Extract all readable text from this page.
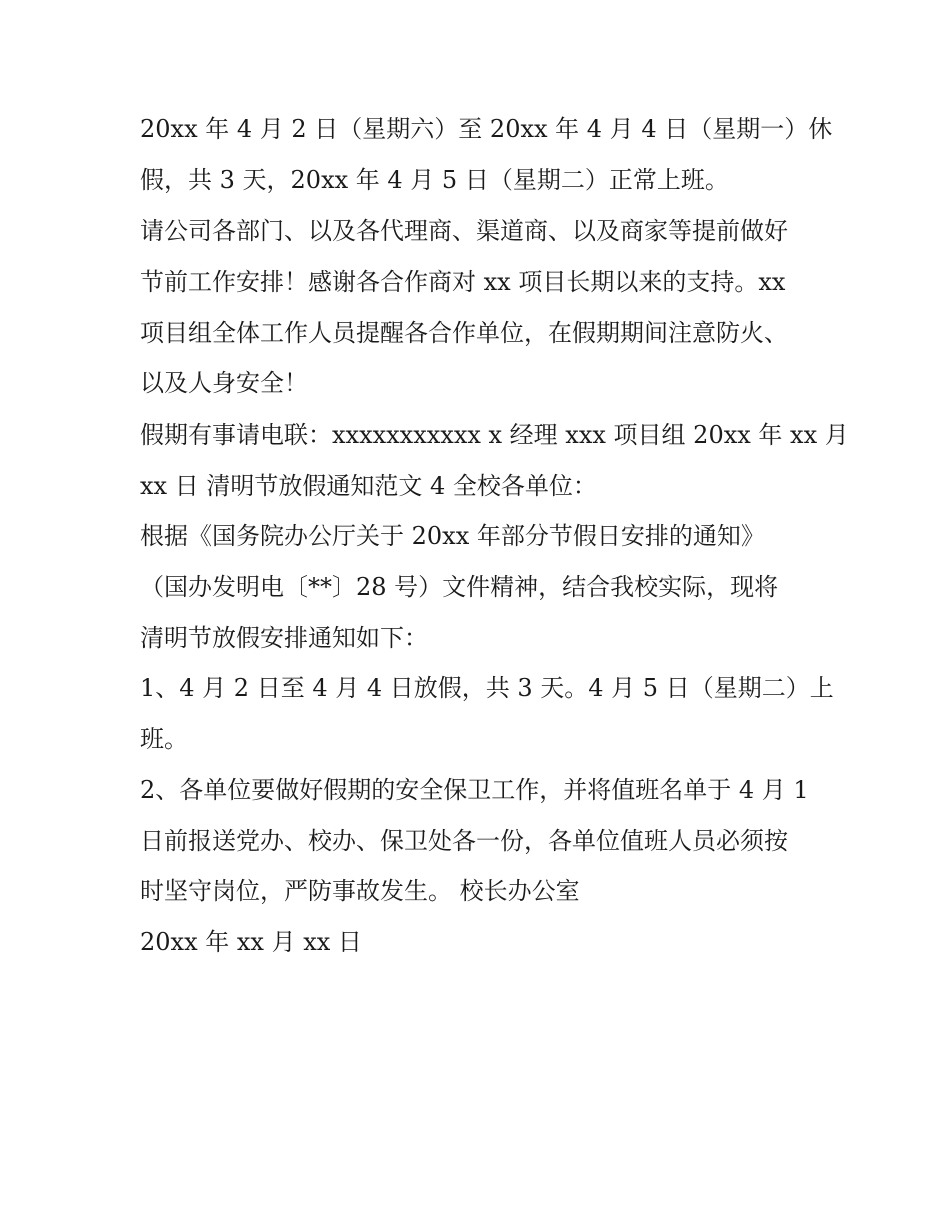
20xx 年 4 月 2 日（星期六）至 20xx 年 4 月 4 日（星期一）休
假，共 3 天，20xx 年 4 月 5 日（星期二）正常上班。
请公司各部门、以及各代理商、渠道商、以及商家等提前做好
节前工作安排！感谢各合作商对 xx 项目长期以来的支持。xx
项目组全体工作人员提醒各合作单位，在假期期间注意防火、
以及人身安全！
假期有事请电联：xxxxxxxxxxx x 经理 xxx 项目组 20xx 年 xx 月
xx 日 清明节放假通知范文 4 全校各单位：
根据《国务院办公厅关于 20xx 年部分节假日安排的通知》
（国办发明电〔**〕28 号）文件精神，结合我校实际，现将
清明节放假安排通知如下：
1、4 月 2 日至 4 月 4 日放假，共 3 天。4 月 5 日（星期二）上
班。
2、各单位要做好假期的安全保卫工作，并将值班名单于 4 月 1
日前报送党办、校办、保卫处各一份，各单位值班人员必须按
时坚守岗位，严防事故发生。 校长办公室
20xx 年 xx 月 xx 日
